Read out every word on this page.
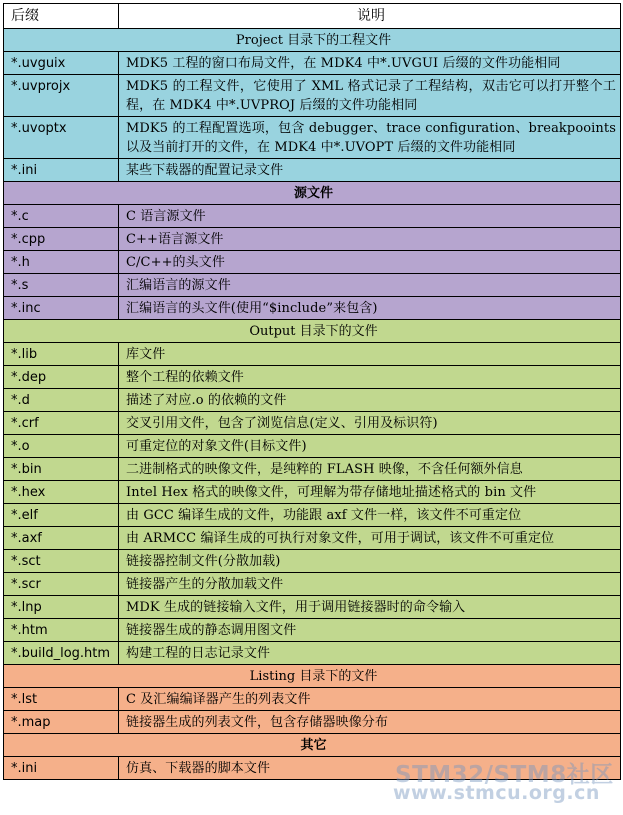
后缀	说明
Project 目录下的工程文件	
*.uvguix	MDK5 工程的窗口布局文件，在 MDK4 中*.UVGUI 后缀的文件功能相同
*.uvprojx	MDK5 的工程文件，它使用了 XML 格式记录了工程结构，双击它可以打开整个工程，在 MDK4 中*.UVPROJ 后缀的文件功能相同
*.uvoptx	MDK5 的工程配置选项，包含 debugger、trace configuration、breakpooints 以及当前打开的文件，在 MDK4 中*.UVOPT 后缀的文件功能相同
*.ini	某些下载器的配置记录文件
源文件	
*.c	C 语言源文件
*.cpp	C++语言源文件
*.h	C/C++的头文件
*.s	汇编语言的源文件
*.inc	汇编语言的头文件(使用“$include”来包含)
Output 目录下的文件	
*.lib	库文件
*.dep	整个工程的依赖文件
*.d	描述了对应.o 的依赖的文件
*.crf	交叉引用文件，包含了浏览信息(定义、引用及标识符)
*.o	可重定位的对象文件(目标文件)
*.bin	二进制格式的映像文件，是纯粹的 FLASH 映像，不含任何额外信息
*.hex	Intel Hex 格式的映像文件，可理解为带存储地址描述格式的 bin 文件
*.elf	由 GCC 编译生成的文件，功能跟 axf 文件一样，该文件不可重定位
*.axf	由 ARMCC 编译生成的可执行对象文件，可用于调试，该文件不可重定位
*.sct	链接器控制文件(分散加载)
*.scr	链接器产生的分散加载文件
*.lnp	MDK 生成的链接输入文件，用于调用链接器时的命令输入
*.htm	链接器生成的静态调用图文件
*.build_log.htm	构建工程的日志记录文件
Listing 目录下的文件	
*.lst	C 及汇编编译器产生的列表文件
*.map	链接器生成的列表文件，包含存储器映像分布
其它	
*.ini	仿真、下载器的脚本文件	STM32/STM8社区
www.stmcu.org.cn
